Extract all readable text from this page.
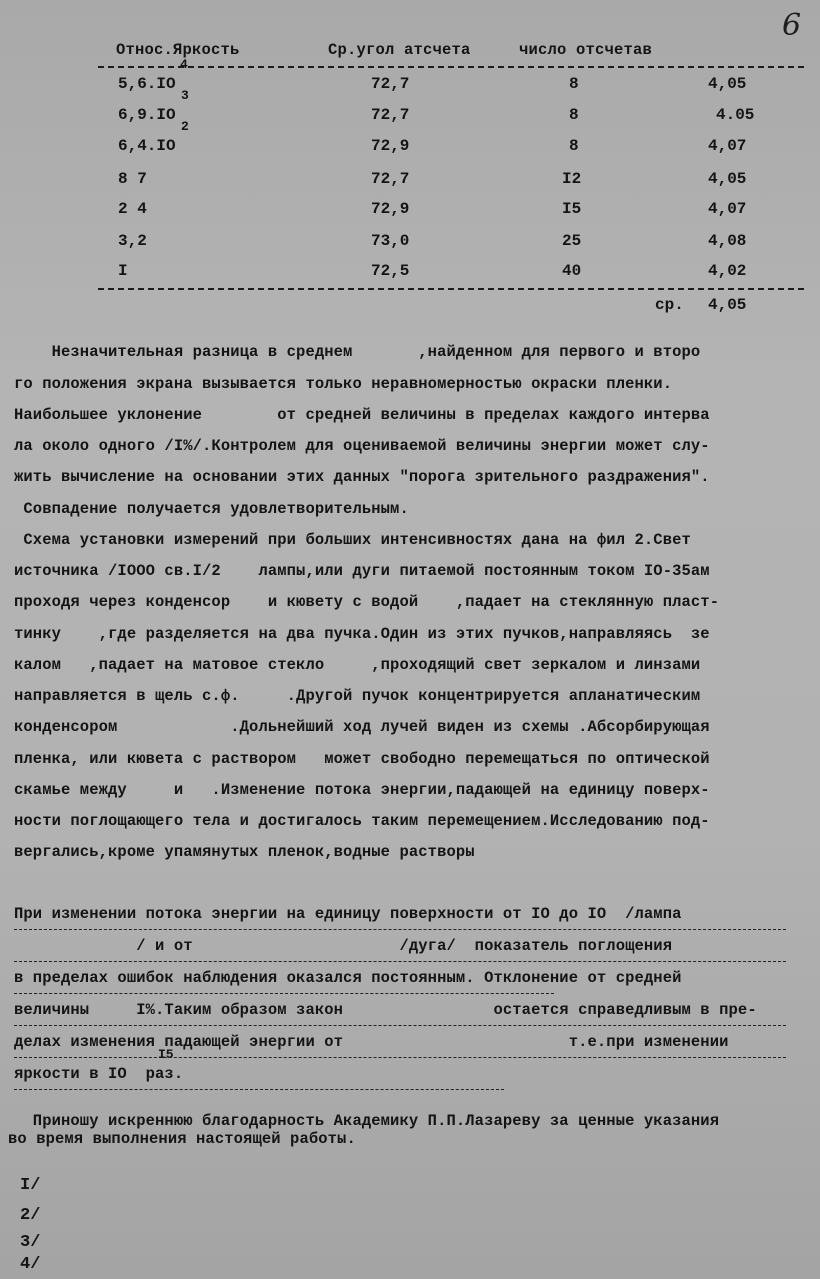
6
Относ.Яркость	Ср.угол атсчета	число отсчетав
4
3
2
5,6.IO	72,7	8	4,05
6,9.IO	72,7	8	4.05
6,4.IO	72,9	8	4,07
8 7	72,7	I2	4,05
2 4	72,9	I5	4,07
3,2	73,0	25	4,08
I	72,5	40	4,02
ср. 4,05
Незначительная разница в среднем       ,найденном для первого и второ
го положения экрана вызывается только неравномерностью окраски пленки.
Наибольшее уклонение        от средней величины в пределах каждого интерва
ла около одного /I%/.Контролем для оцениваемой величины энергии может слу-
жить вычисление на основании этих данных "порога зрительного раздражения".
Совпадение получается удовлетворительным.
Схема установки измерений при больших интенсивностях дана на фил 2.Свет
источника /IOOO св.I/2    лампы,или дуги питаемой постоянным током IO-35ам
проходя через конденсор    и кювету с водой    ,падает на стеклянную пласт-
тинку    ,где разделяется на два пучка.Один из этих пучков,направляясь  зе
калом   ,падает на матовое стекло     ,проходящий свет зеркалом и линзами
направляется в щель с.ф.     .Другой пучок концентрируется апланатическим
конденсором            .Дольнейший ход лучей виден из схемы .Абсорбирующая
пленка, или кювета с раствором   может свободно перемещаться по оптической
скамье между     и   .Изменение потока энергии,падающей на единицу поверх-
ности поглощающего тела и достигалось таким перемещением.Исследованию под-
вергались,кроме упамянутых пленок,водные растворы
При изменении потока энергии на единицу поверхности от IO до IO  /лампа
/ и от                      /дуга/  показатель поглощения
в пределах ошибок наблюдения оказался постоянным. Отклонение от средней
величины     I%.Таким образом закон                остается справедливым в пре-
делах изменения падающей энергии от                        т.е.при изменении
I5
яркости в IO  раз.
Приношу искреннюю благодарность Академику П.П.Лазареву за ценные указания
во время выполнения настоящей работы.
I/
2/
3/
4/
